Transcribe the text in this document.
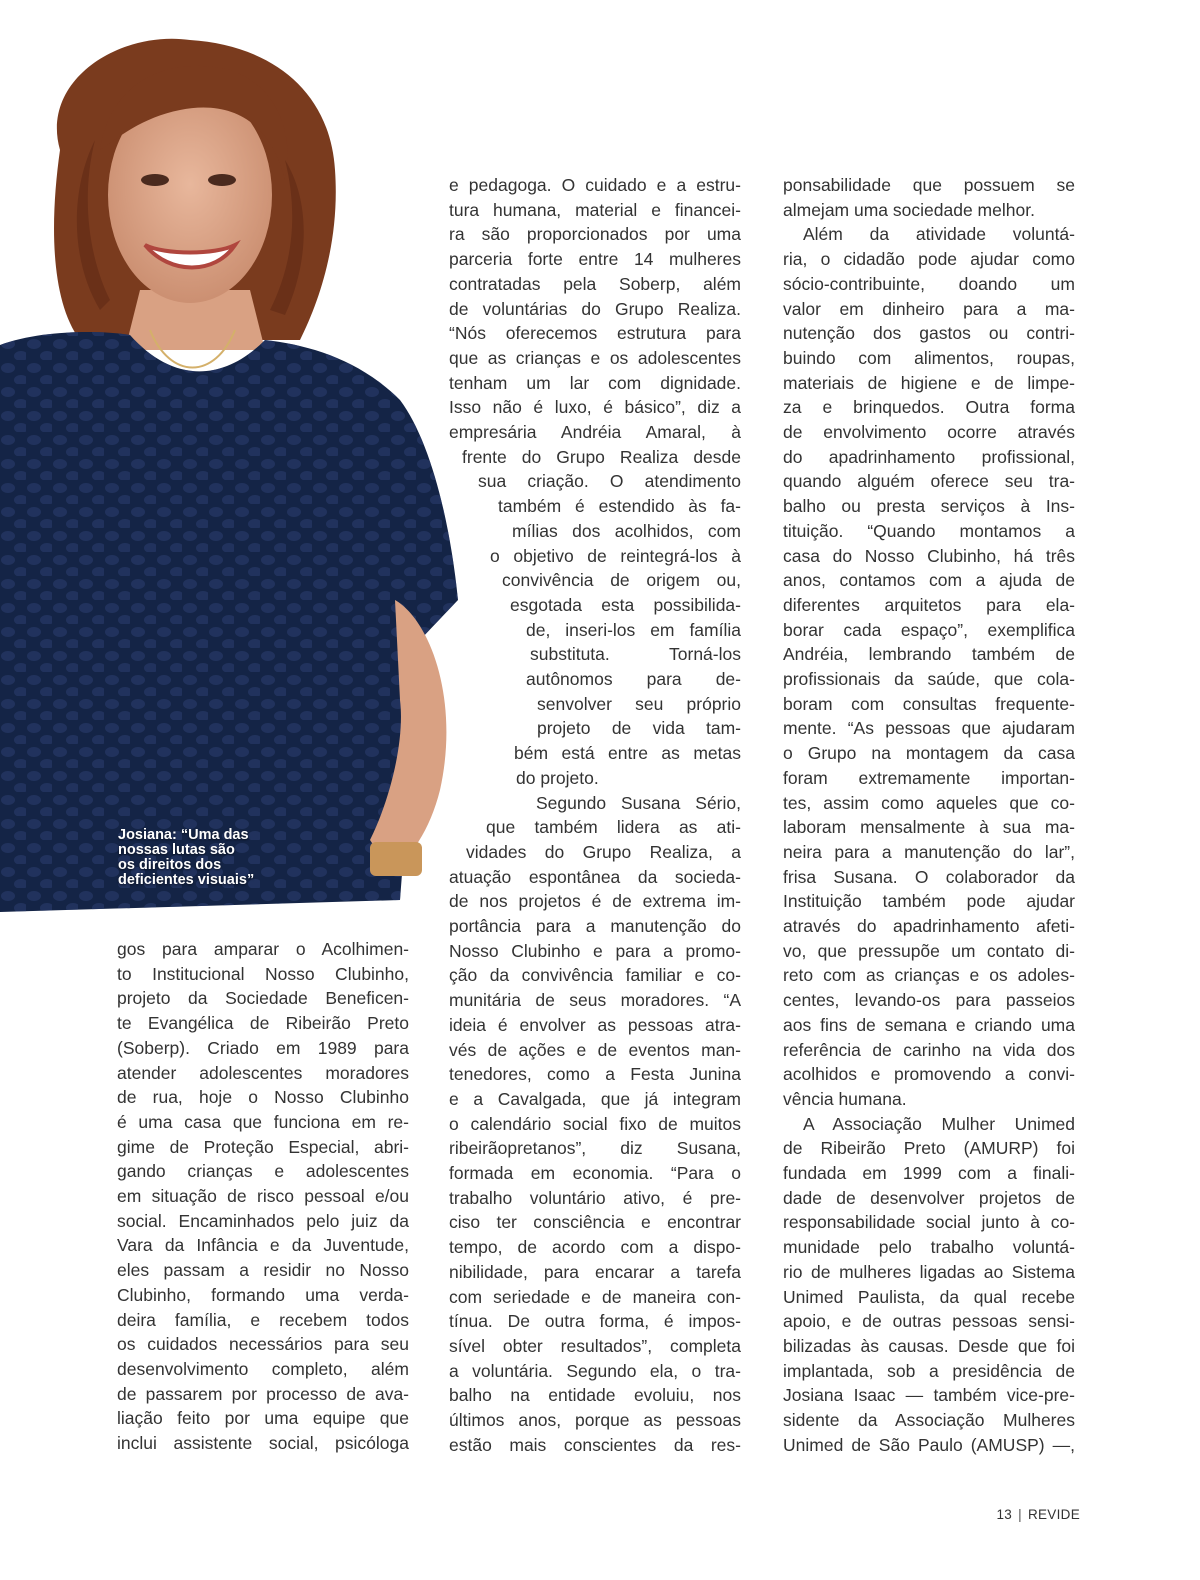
Josiana: “Uma das
nossas lutas são
os direitos dos
deficientes visuais”
gos para amparar o Acolhimen-
to Institucional Nosso Clubinho,
projeto da Sociedade Beneficen-
te Evangélica de Ribeirão Preto
(Soberp). Criado em 1989 para
atender adolescentes moradores
de rua, hoje o Nosso Clubinho
é uma casa que funciona em re-
gime de Proteção Especial, abri-
gando crianças e adolescentes
em situação de risco pessoal e/ou
social. Encaminhados pelo juiz da
Vara da Infância e da Juventude,
eles passam a residir no Nosso
Clubinho, formando uma verda-
deira família, e recebem todos
os cuidados necessários para seu
desenvolvimento completo, além
de passarem por processo de ava-
liação feito por uma equipe que
inclui assistente social, psicóloga
e pedagoga. O cuidado e a estru-
tura humana, material e financei-
ra são proporcionados por uma
parceria forte entre 14 mulheres
contratadas pela Soberp, além
de voluntárias do Grupo Realiza.
“Nós oferecemos estrutura para
que as crianças e os adolescentes
tenham um lar com dignidade.
Isso não é luxo, é básico”, diz a
empresária Andréia Amaral, à
frente do Grupo Realiza desde
sua criação. O atendimento
também é estendido às fa-
mílias dos acolhidos, com
o objetivo de reintegrá-los à
convivência de origem ou,
esgotada esta possibilida-
de, inseri-los em família
substituta. Torná-los
autônomos para de-
senvolver seu próprio
projeto de vida tam-
bém está entre as metas
do projeto.
Segundo Susana Sério,
que também lidera as ati-
vidades do Grupo Realiza, a
atuação espontânea da socieda-
de nos projetos é de extrema im-
portância para a manutenção do
Nosso Clubinho e para a promo-
ção da convivência familiar e co-
munitária de seus moradores. “A
ideia é envolver as pessoas atra-
vés de ações e de eventos man-
tenedores, como a Festa Junina
e a Cavalgada, que já integram
o calendário social fixo de muitos
ribeirãopretanos”, diz Susana,
formada em economia. “Para o
trabalho voluntário ativo, é pre-
ciso ter consciência e encontrar
tempo, de acordo com a dispo-
nibilidade, para encarar a tarefa
com seriedade e de maneira con-
tínua. De outra forma, é impos-
sível obter resultados”, completa
a voluntária. Segundo ela, o tra-
balho na entidade evoluiu, nos
últimos anos, porque as pessoas
estão mais conscientes da res-
ponsabilidade que possuem se
almejam uma sociedade melhor.
Além da atividade voluntá-
ria, o cidadão pode ajudar como
sócio-contribuinte, doando um
valor em dinheiro para a ma-
nutenção dos gastos ou contri-
buindo com alimentos, roupas,
materiais de higiene e de limpe-
za e brinquedos. Outra forma
de envolvimento ocorre através
do apadrinhamento profissional,
quando alguém oferece seu tra-
balho ou presta serviços à Ins-
tituição. “Quando montamos a
casa do Nosso Clubinho, há três
anos, contamos com a ajuda de
diferentes arquitetos para ela-
borar cada espaço”, exemplifica
Andréia, lembrando também de
profissionais da saúde, que cola-
boram com consultas frequente-
mente. “As pessoas que ajudaram
o Grupo na montagem da casa
foram extremamente importan-
tes, assim como aqueles que co-
laboram mensalmente à sua ma-
neira para a manutenção do lar”,
frisa Susana. O colaborador da
Instituição também pode ajudar
através do apadrinhamento afeti-
vo, que pressupõe um contato di-
reto com as crianças e os adoles-
centes, levando-os para passeios
aos fins de semana e criando uma
referência de carinho na vida dos
acolhidos e promovendo a convi-
vência humana.
A Associação Mulher Unimed
de Ribeirão Preto (AMURP) foi
fundada em 1999 com a finali-
dade de desenvolver projetos de
responsabilidade social junto à co-
munidade pelo trabalho voluntá-
rio de mulheres ligadas ao Sistema
Unimed Paulista, da qual recebe
apoio, e de outras pessoas sensi-
bilizadas às causas. Desde que foi
implantada, sob a presidência de
Josiana Isaac — também vice-pre-
sidente da Associação Mulheres
Unimed de São Paulo (AMUSP) —,
13 | REVIDE
